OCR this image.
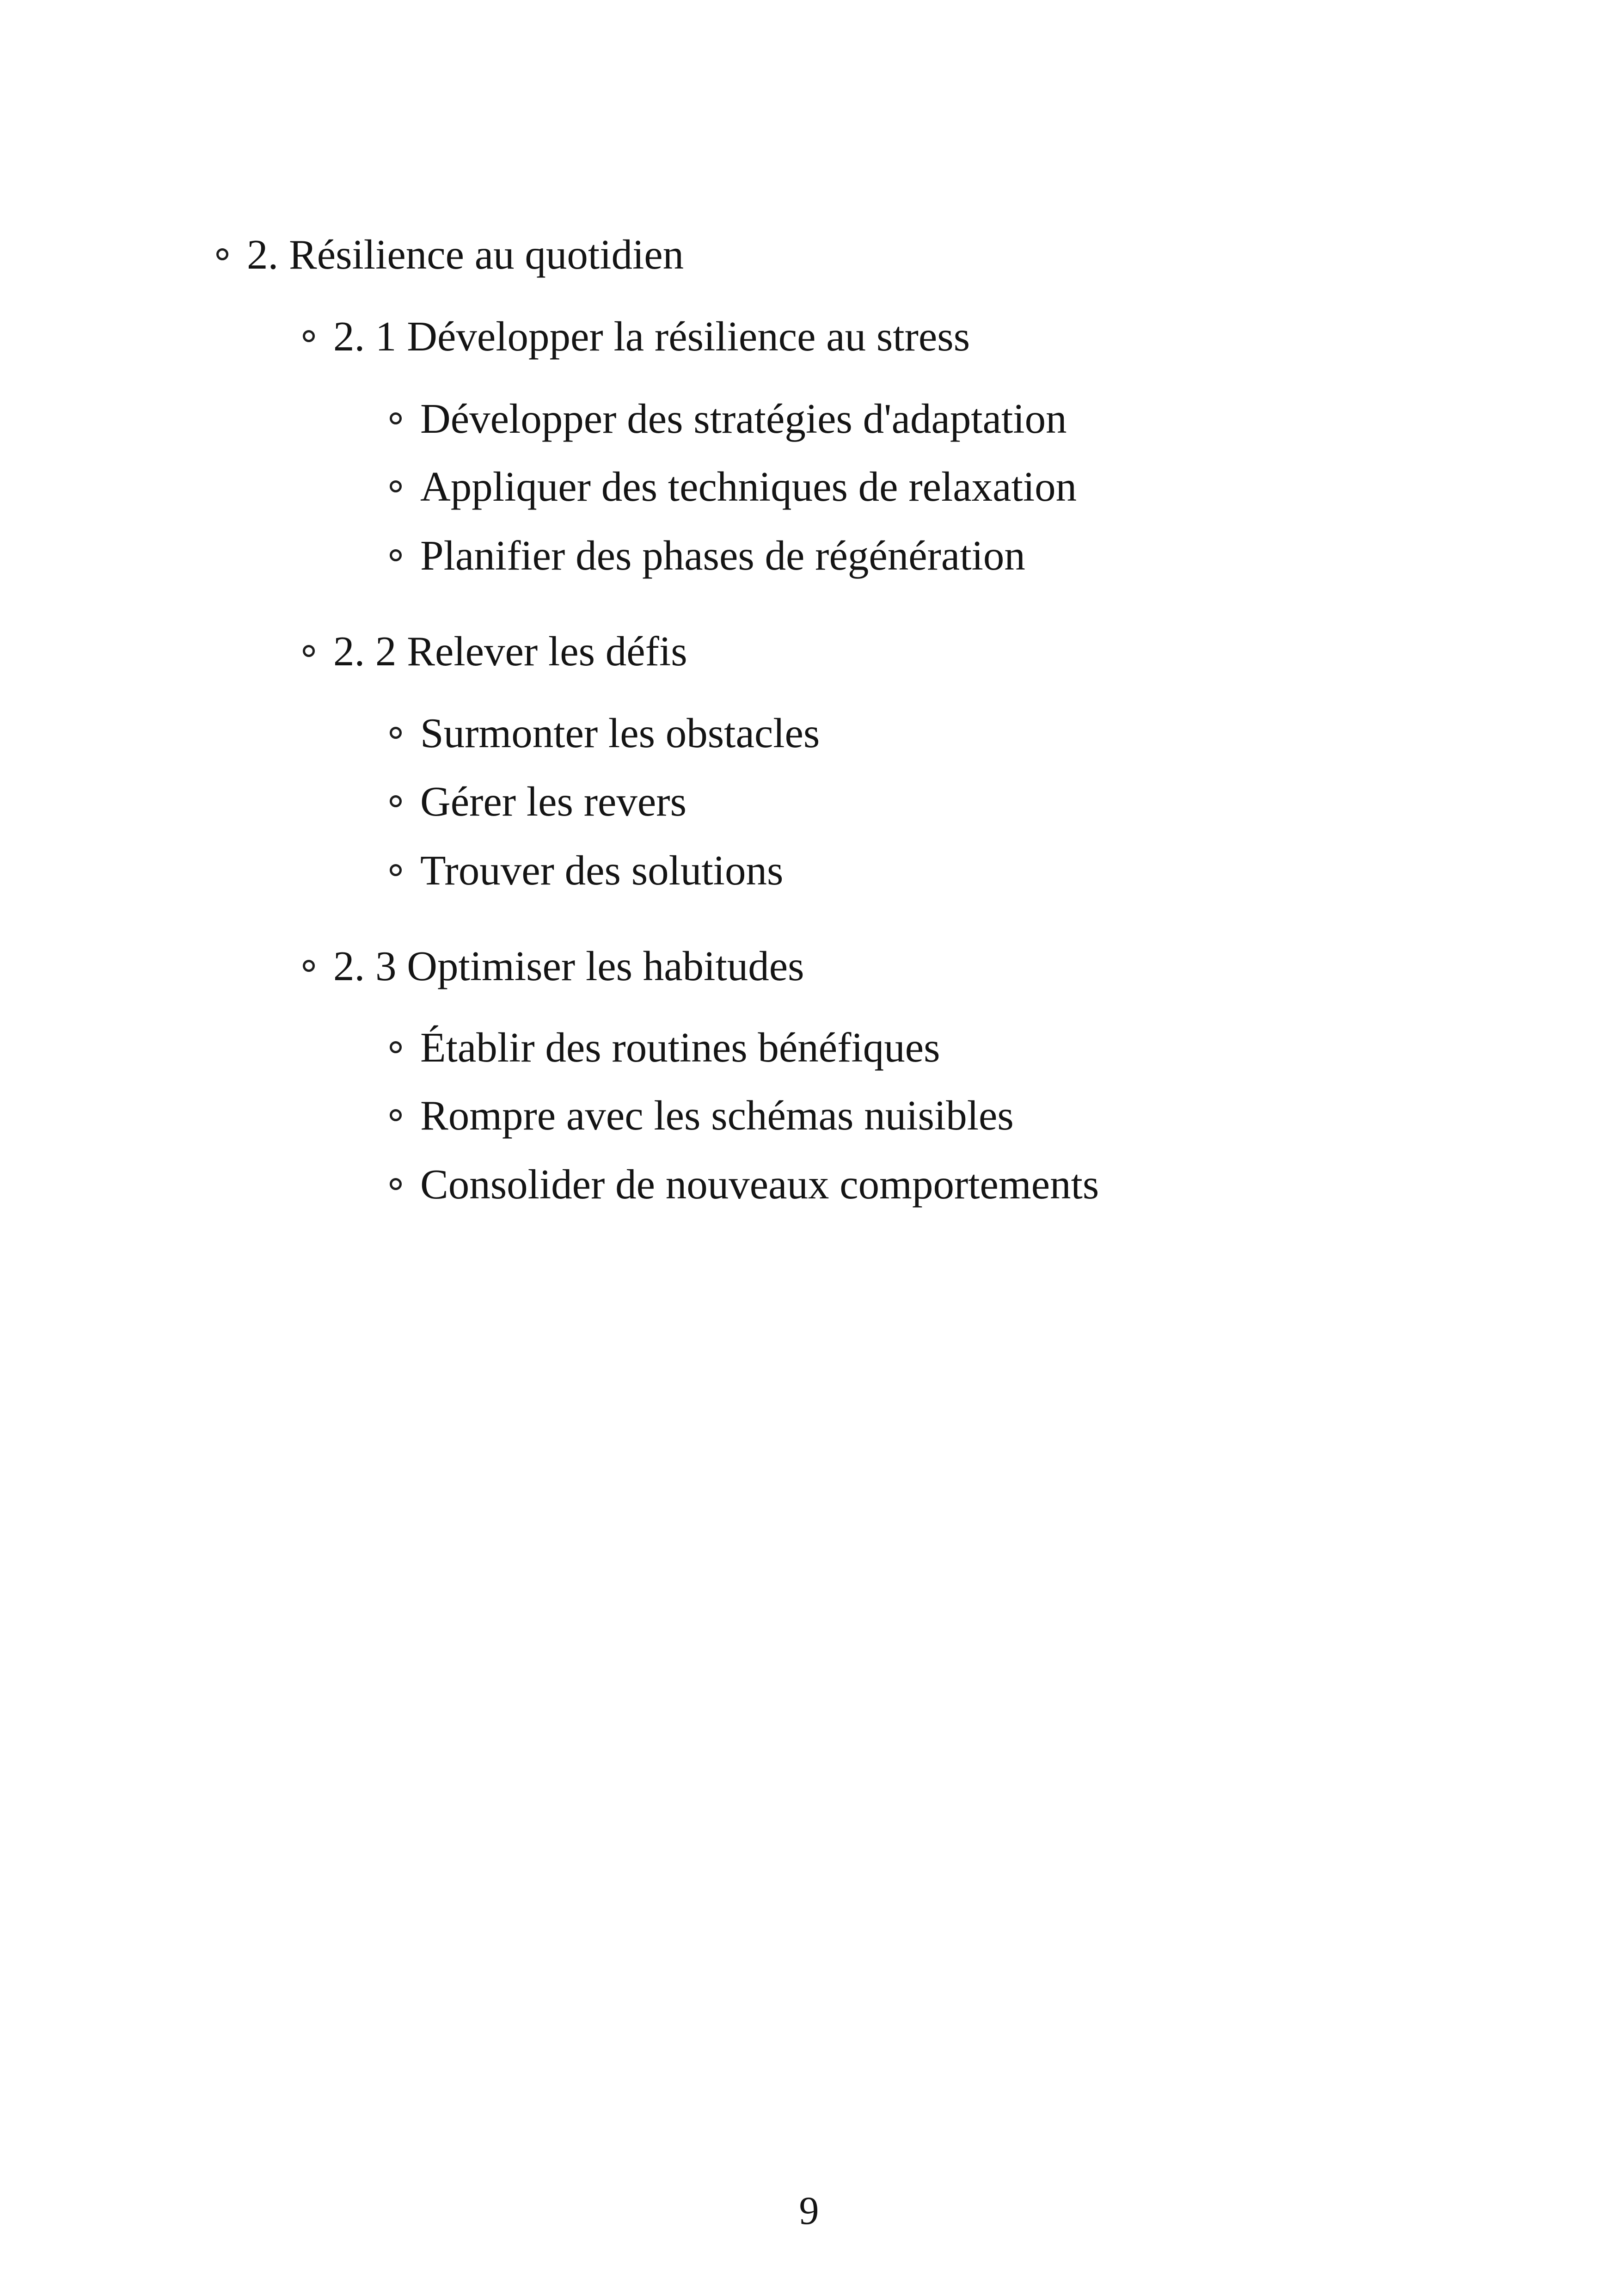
2. Résilience au quotidien
2. 1 Développer la résilience au stress
Développer des stratégies d'adaptation
Appliquer des techniques de relaxation
Planifier des phases de régénération
2. 2 Relever les défis
Surmonter les obstacles
Gérer les revers
Trouver des solutions
2. 3 Optimiser les habitudes
Établir des routines bénéfiques
Rompre avec les schémas nuisibles
Consolider de nouveaux comportements
9
